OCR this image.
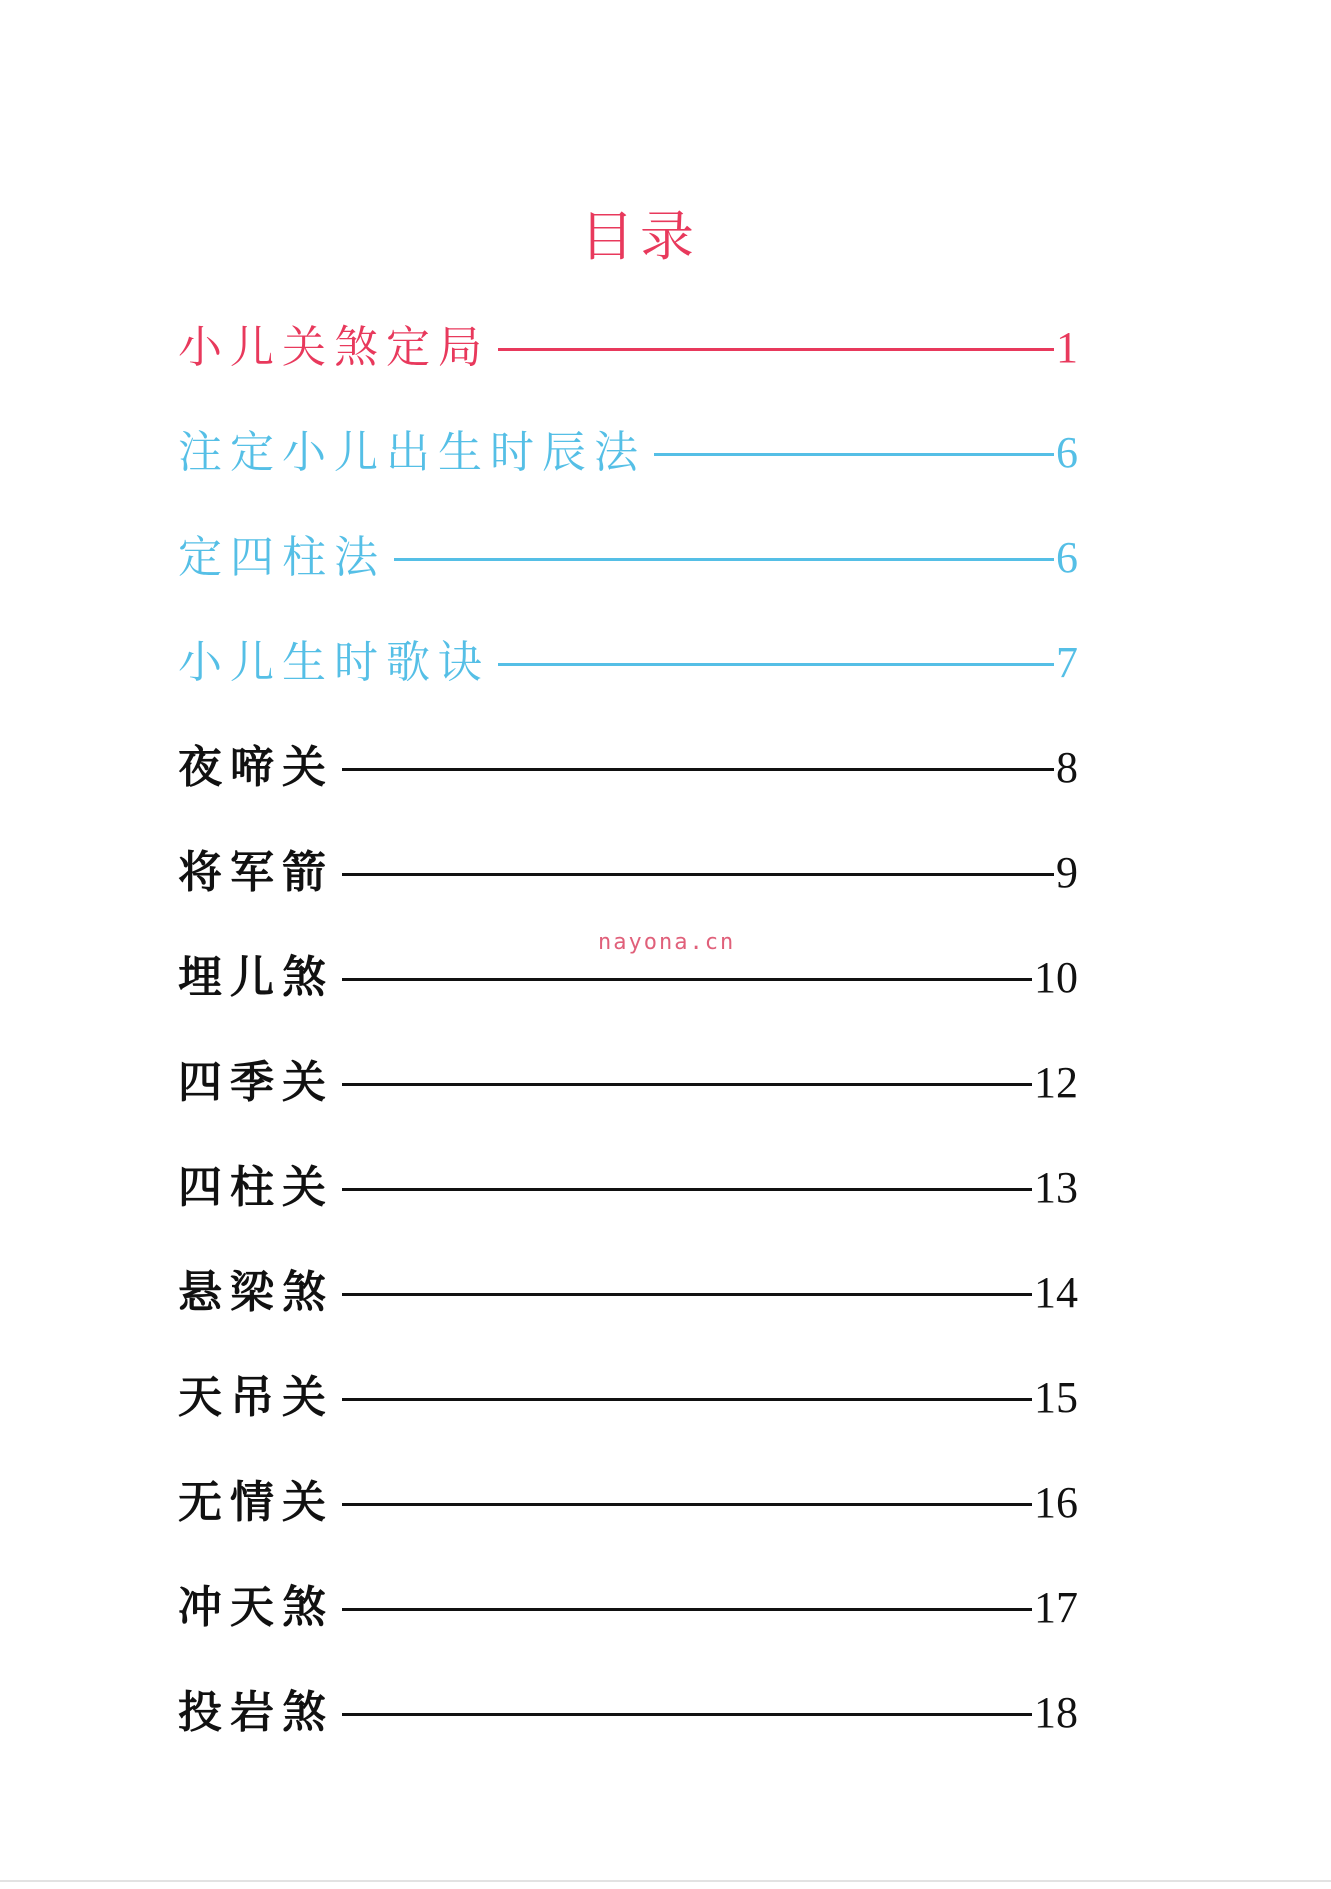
目录
小儿关煞定局	1
注定小儿出生时辰法	6
定四柱法	6
小儿生时歌诀	7
夜啼关	8
将军箭	9
埋儿煞	10
四季关	12
四柱关	13
悬梁煞	14
天吊关	15
无情关	16
冲天煞	17
投岩煞	18
nayona.cn
